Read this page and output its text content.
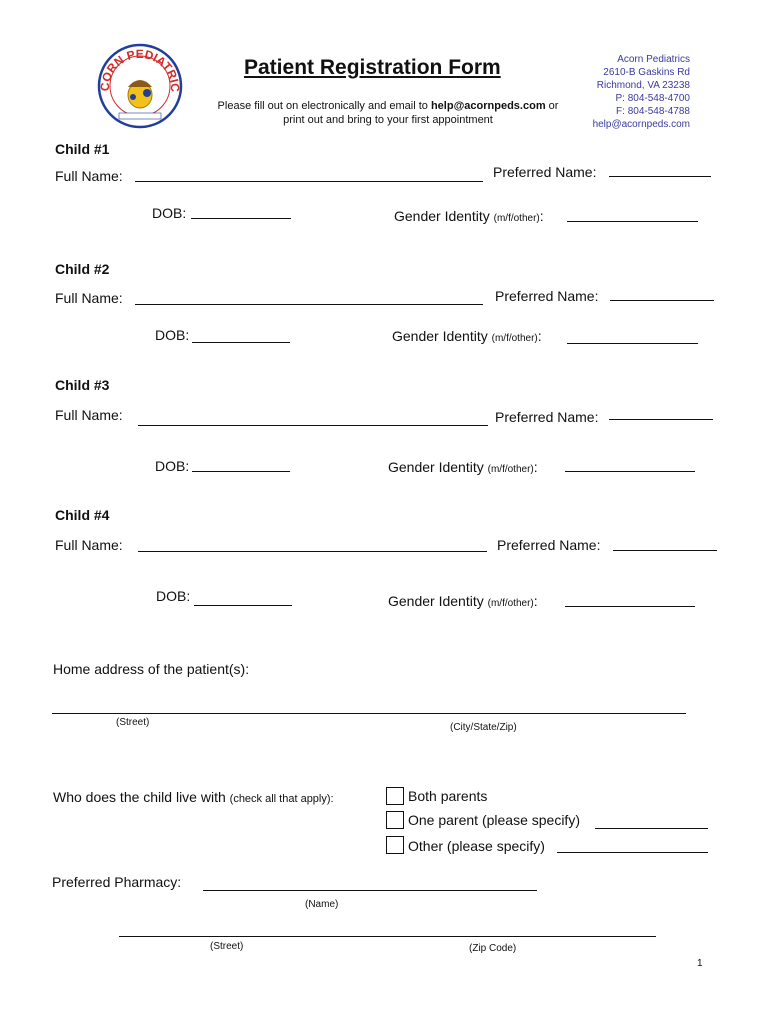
CORN PEDIATRIC
Patient Registration Form
Please fill out on electronically and email to help@acornpeds.com or
print out and bring to your first appointment
Acorn Pediatrics
2610-B Gaskins Rd
Richmond, VA 23238
P: 804-548-4700
F: 804-548-4788
help@acornpeds.com
Child #1
Full Name:	Preferred Name:
DOB:	Gender Identity (m/f/other):
Child #2
Full Name:	Preferred Name:
DOB:	Gender Identity (m/f/other):
Child #3
Full Name:	Preferred Name:
DOB:	Gender Identity (m/f/other):
Child #4
Full Name:	Preferred Name:
DOB:	Gender Identity (m/f/other):
Home address of the patient(s):
(Street)	(City/State/Zip)
Who does the child live with (check all that apply):	Both parents
One parent (please specify)
Other (please specify)
Preferred Pharmacy:
(Name)
(Street)	(Zip Code)
1
